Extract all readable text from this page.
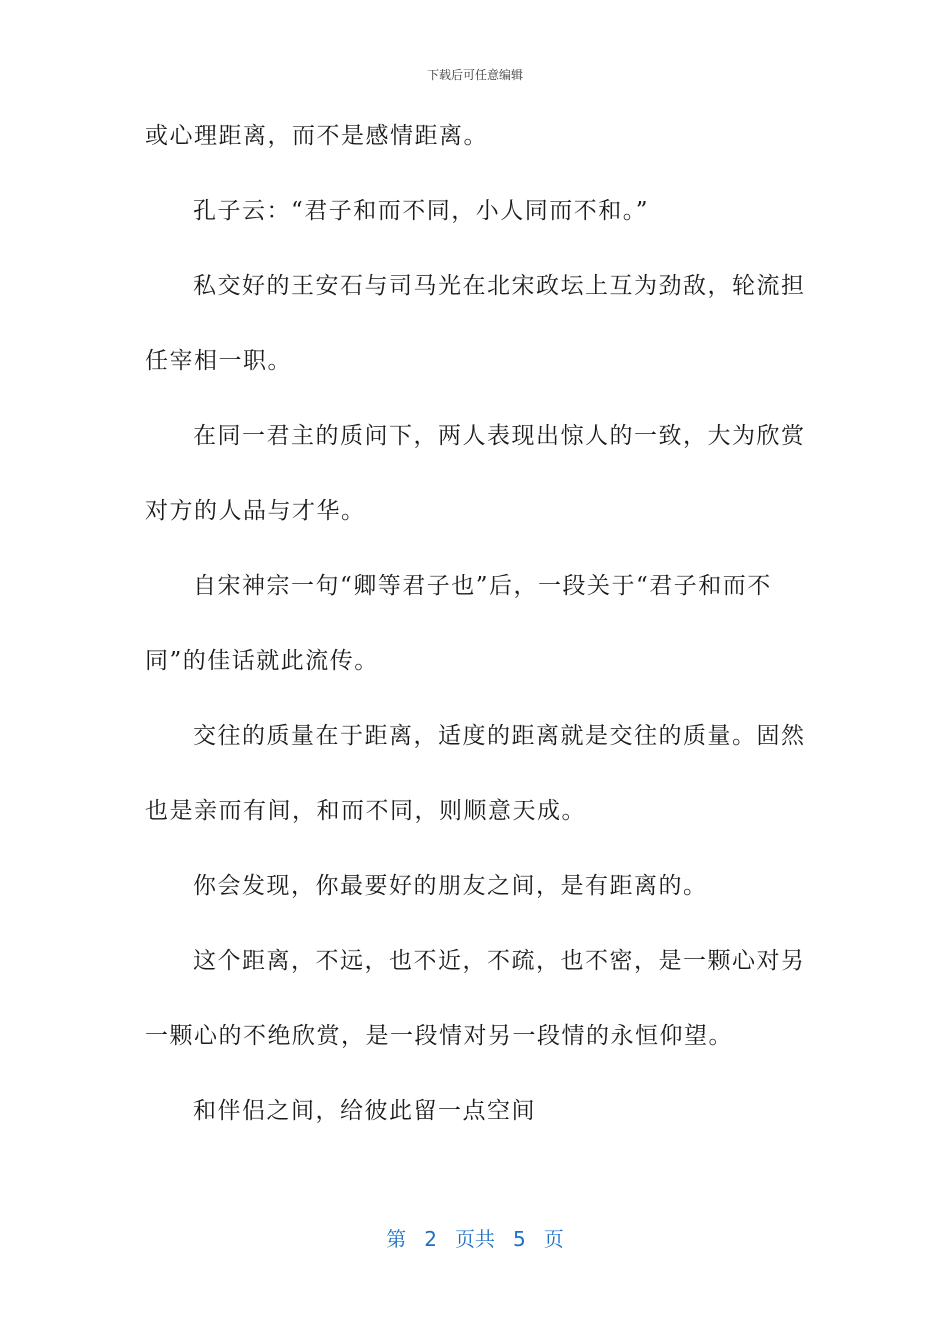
下载后可任意编辑

或心理距离，而不是感情距离。

孔子云：“君子和而不同，小人同而不和。”

私交好的王安石与司马光在北宋政坛上互为劲敌，轮流担

任宰相一职。

在同一君主的质问下，两人表现出惊人的一致，大为欣赏

对方的人品与才华。

自宋神宗一句“卿等君子也”后，一段关于“君子和而不

同”的佳话就此流传。

交往的质量在于距离，适度的距离就是交往的质量。固然

也是亲而有间，和而不同，则顺意天成。

你会发现，你最要好的朋友之间，是有距离的。

这个距离，不远，也不近，不疏，也不密，是一颗心对另

一颗心的不绝欣赏，是一段情对另一段情的永恒仰望。

和伴侣之间，给彼此留一点空间

第 2 页共 5 页
